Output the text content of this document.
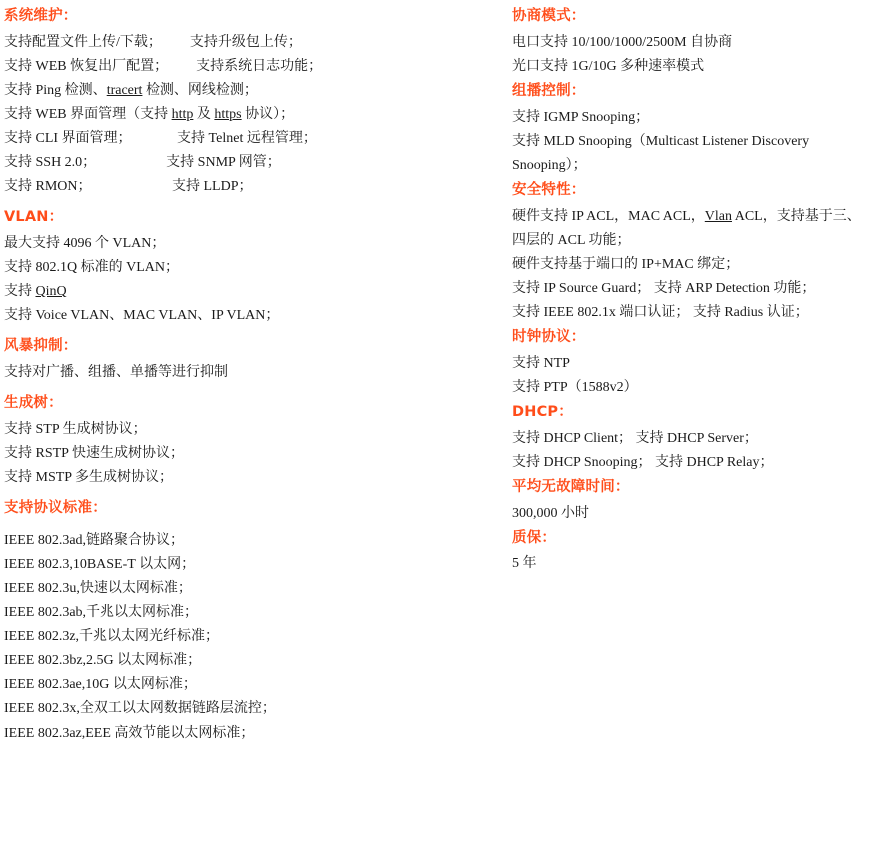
系统维护：
支持配置文件上传/下载；        支持升级包上传；
支持 WEB 恢复出厂配置；        支持系统日志功能；
支持 Ping 检测、tracert 检测、网线检测；
支持 WEB 界面管理（支持 http 及 https 协议）；
支持 CLI 界面管理；             支持 Telnet 远程管理；
支持 SSH 2.0；                    支持 SNMP 网管；
支持 RMON；                       支持 LLDP；
VLAN：
最大支持 4096 个 VLAN；
支持 802.1Q 标准的 VLAN；
支持 QinQ
支持 Voice VLAN、MAC VLAN、IP VLAN；
风暴抑制：
支持对广播、组播、单播等进行抑制
生成树：
支持 STP 生成树协议；
支持 RSTP 快速生成树协议；
支持 MSTP 多生成树协议；
支持协议标准：
IEEE 802.3ad,链路聚合协议；
IEEE 802.3,10BASE-T 以太网；
IEEE 802.3u,快速以太网标准；
IEEE 802.3ab,千兆以太网标准；
IEEE 802.3z,千兆以太网光纤标准；
IEEE 802.3bz,2.5G 以太网标准；
IEEE 802.3ae,10G 以太网标准；
IEEE 802.3x,全双工以太网数据链路层流控；
IEEE 802.3az,EEE 高效节能以太网标准；
协商模式：
电口支持 10/100/1000/2500M 自协商
光口支持 1G/10G 多种速率模式
组播控制：
支持 IGMP Snooping；
支持 MLD Snooping（Multicast Listener Discovery Snooping）；
安全特性：
硬件支持 IP ACL，MAC ACL，Vlan ACL，支持基于三、四层的 ACL 功能；
硬件支持基于端口的 IP+MAC 绑定；
支持 IP Source Guard； 支持 ARP Detection 功能；
支持 IEEE 802.1x 端口认证； 支持 Radius 认证；
时钟协议：
支持 NTP
支持 PTP（1588v2）
DHCP：
支持 DHCP Client； 支持 DHCP Server；
支持 DHCP Snooping； 支持 DHCP Relay；
平均无故障时间：
300,000 小时
质保：
5 年
